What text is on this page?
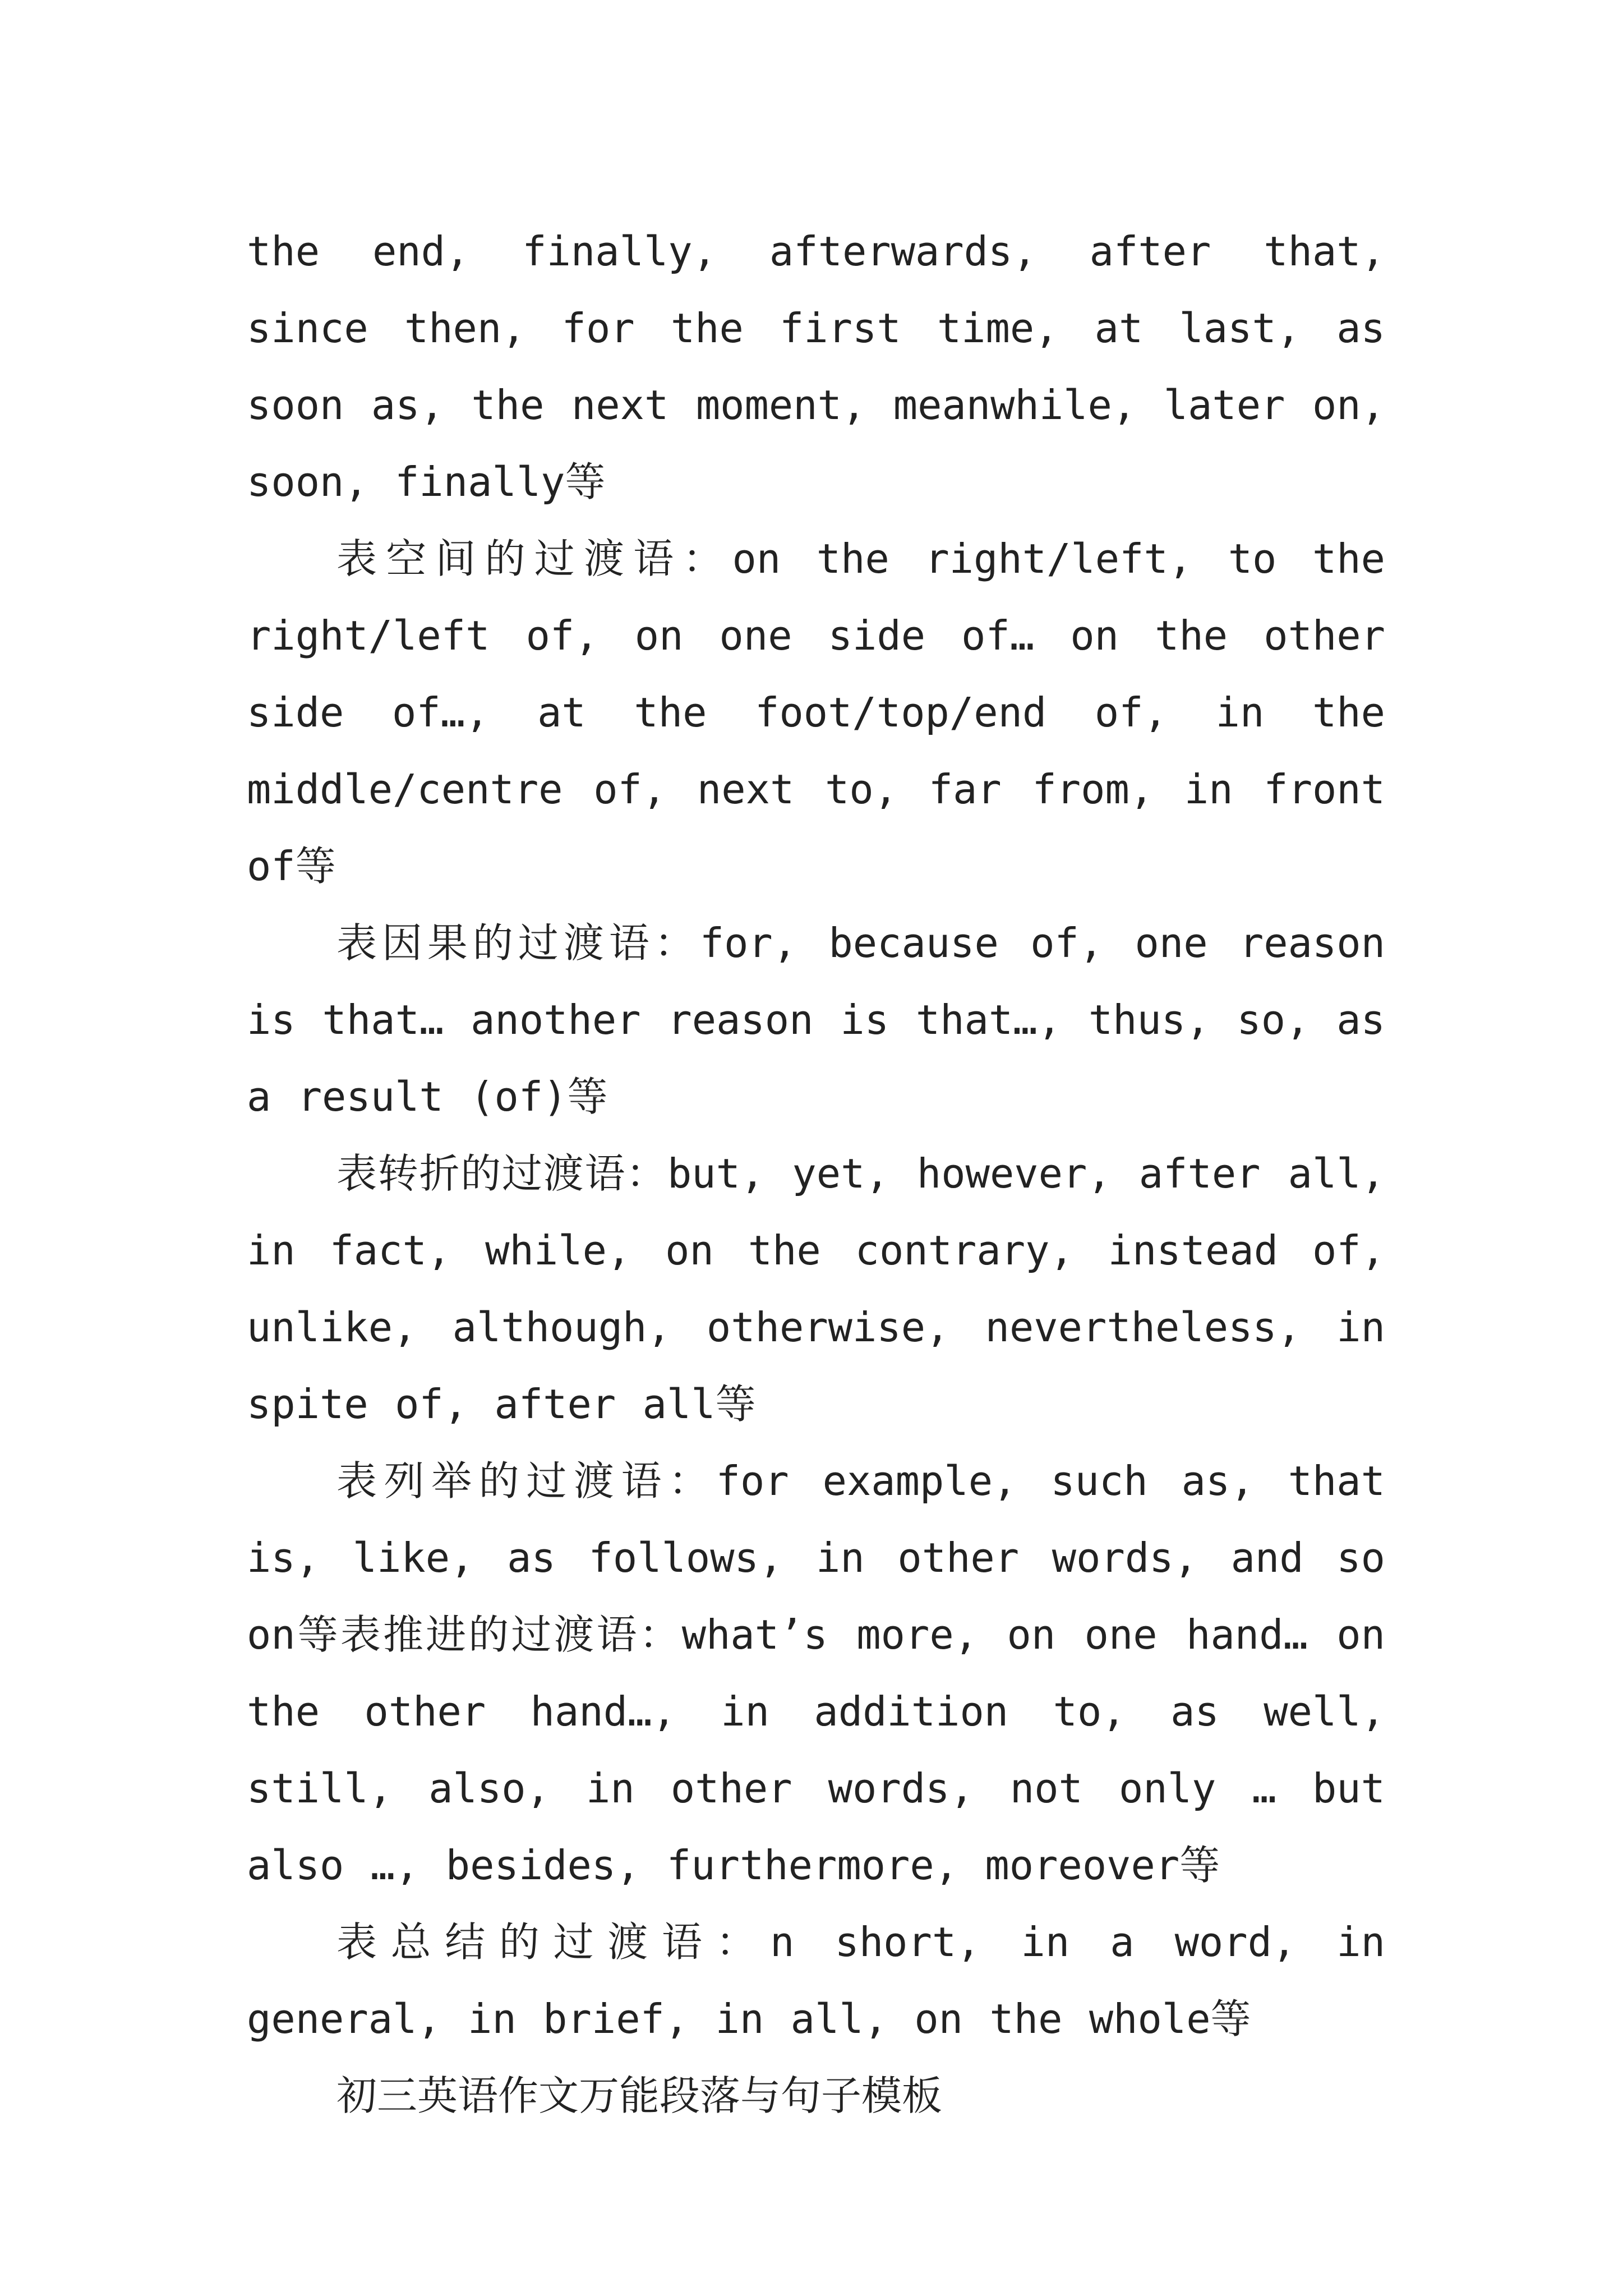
the end, finally, afterwards, after that, since then, for the first time, at last, as soon as, the next moment, meanwhile, later on, soon, finally等

表空间的过渡语：on the right/left, to the right/left of, on one side of… on the other side of…, at the foot/top/end of, in the middle/centre of, next to, far from, in front of等

表因果的过渡语：for, because of, one reason is that… another reason is that…, thus, so, as a result (of)等

表转折的过渡语：but, yet, however, after all, in fact, while, on the contrary, instead of, unlike, although, otherwise, nevertheless, in spite of, after all等

表列举的过渡语：for example, such as, that is, like, as follows, in other words, and so on等表推进的过渡语：what’s more, on one hand… on the other hand…, in addition to, as well, still, also, in other words, not only … but also …, besides, furthermore, moreover等

表总结的过渡语：n short, in a word, in general, in brief, in all, on the whole等

初三英语作文万能段落与句子模板
